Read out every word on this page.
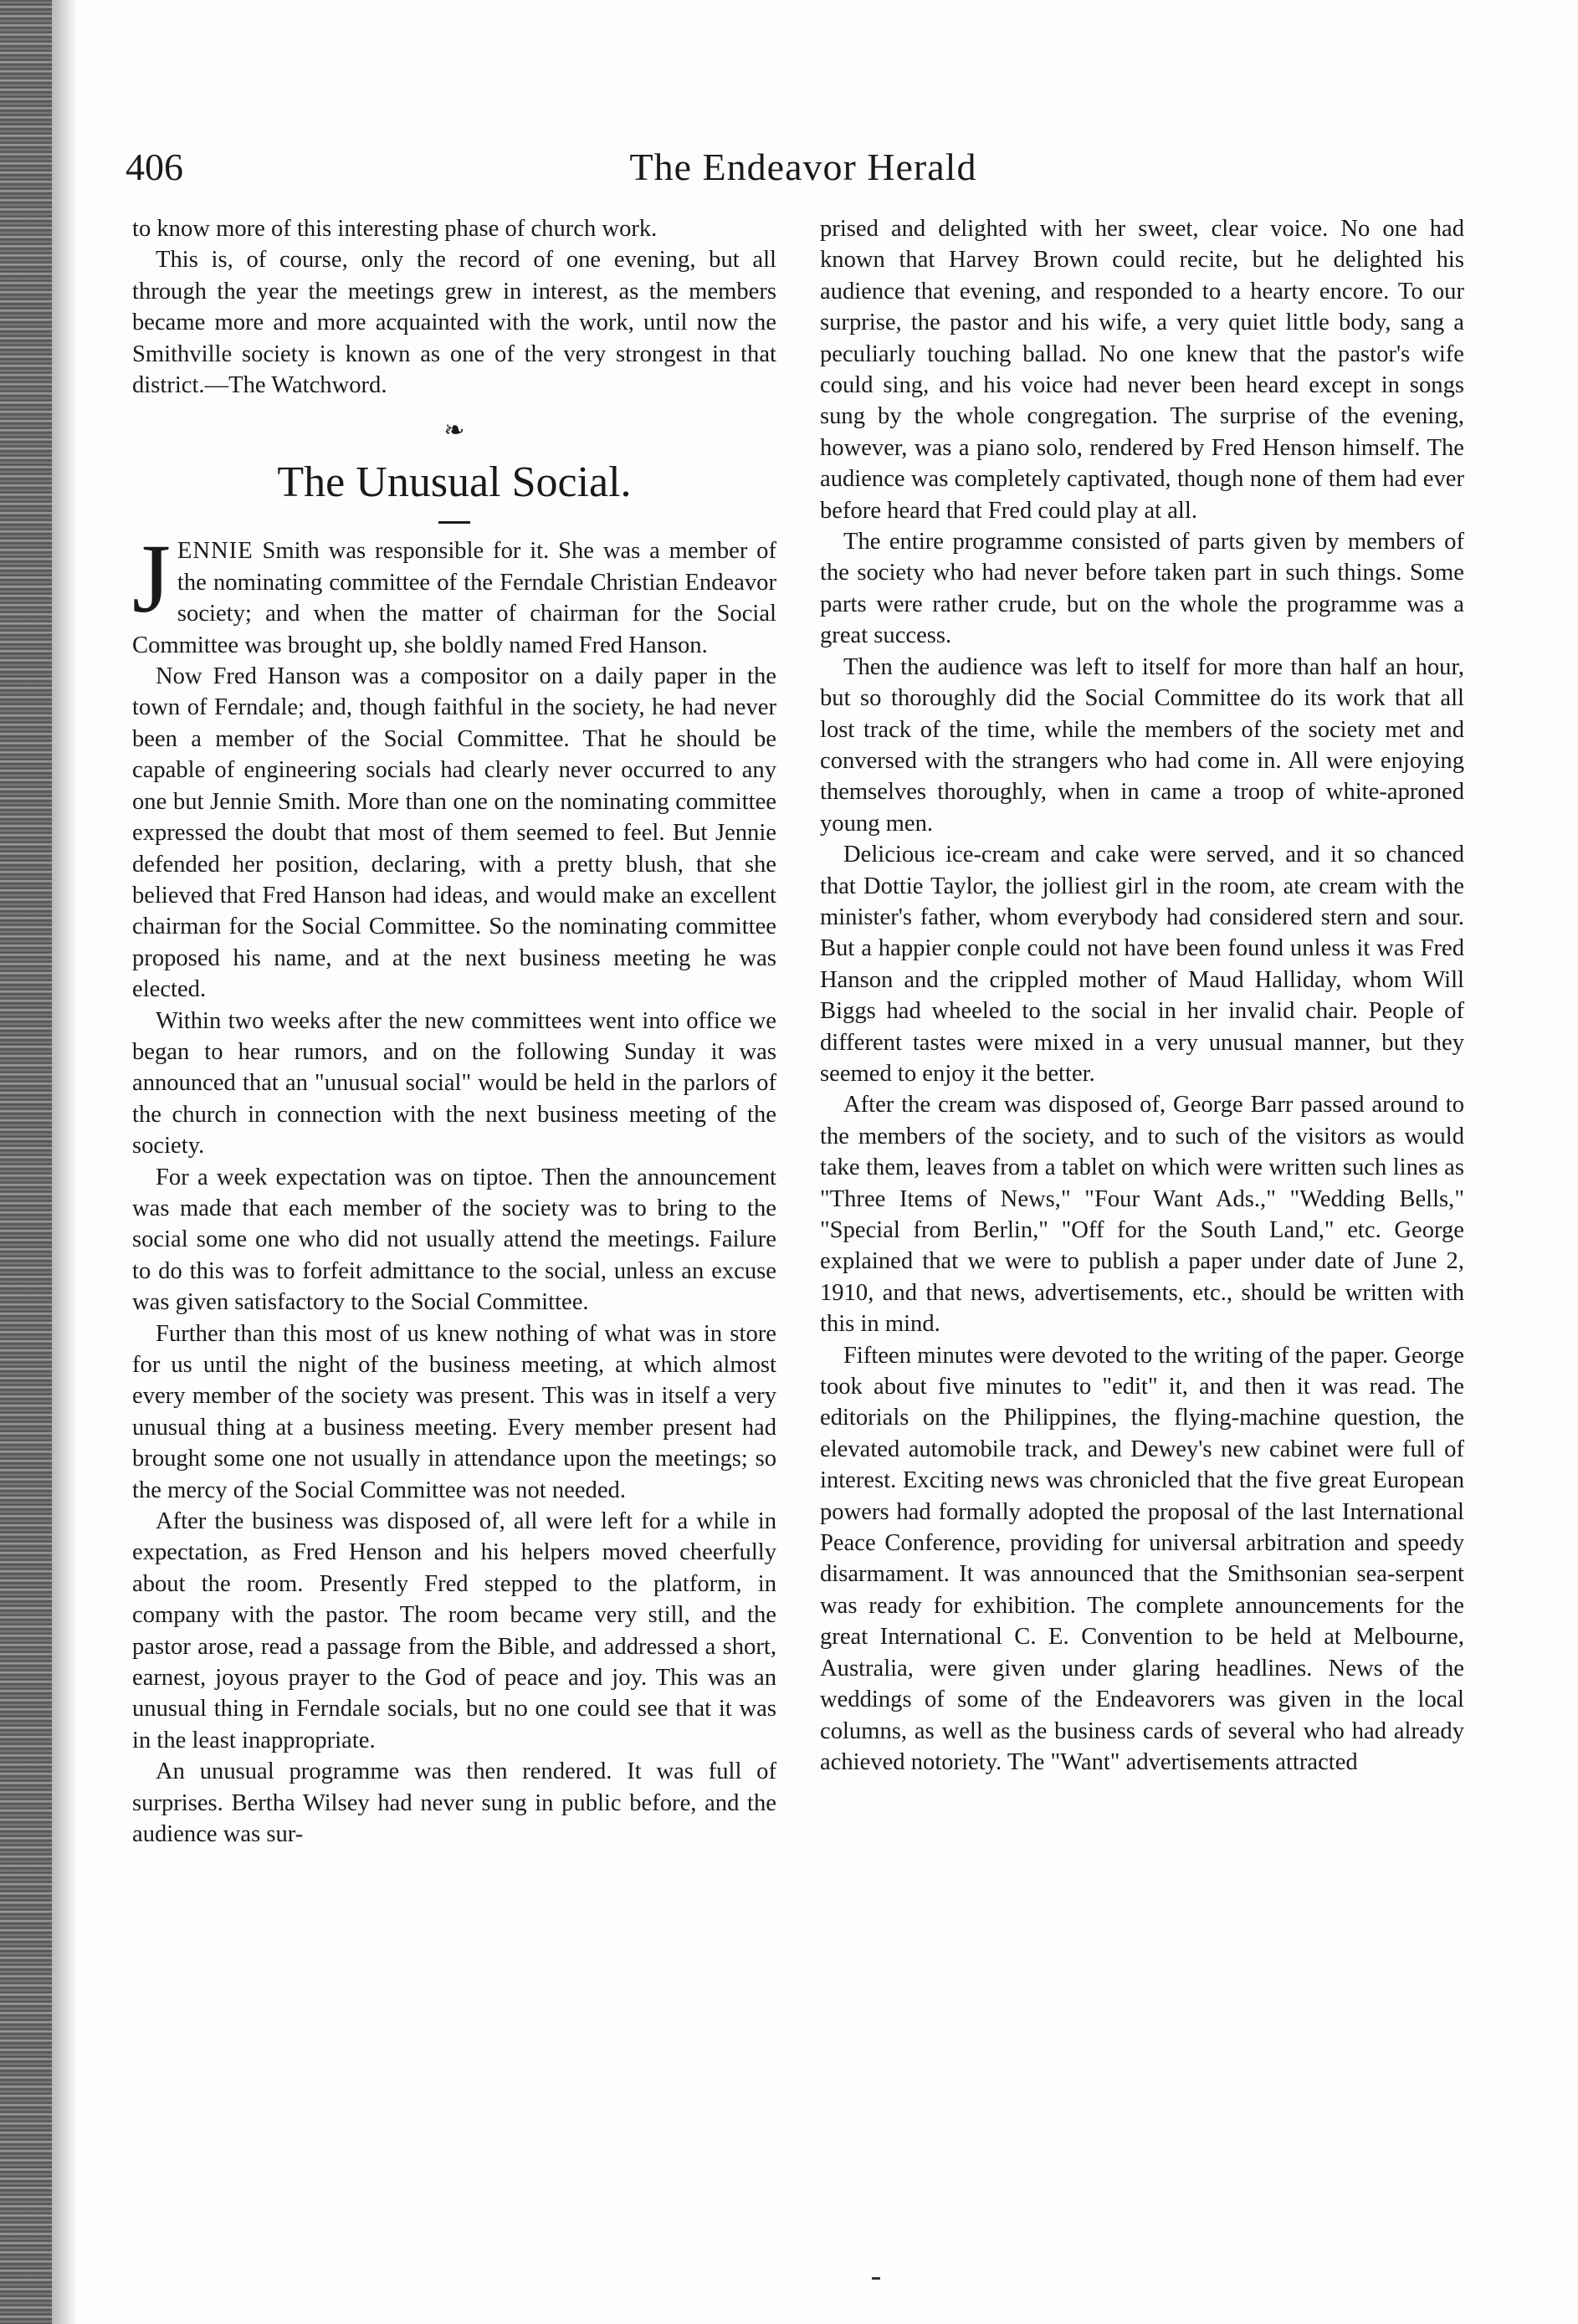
406	The Endeavor Herald

to know more of this interesting phase of church work.

This is, of course, only the record of one evening, but all through the year the meetings grew in interest, as the members became more and more acquainted with the work, until now the Smithville society is known as one of the very strongest in that district.—The Watchword.

❧
The Unusual Social.

JENNIE Smith was responsible for it. She was a member of the nominating committee of the Ferndale Christian Endeavor society; and when the matter of chairman for the Social Committee was brought up, she boldly named Fred Hanson.

Now Fred Hanson was a compositor on a daily paper in the town of Ferndale; and, though faithful in the society, he had never been a member of the Social Committee. That he should be capable of engineering socials had clearly never occurred to any one but Jennie Smith. More than one on the nominating committee expressed the doubt that most of them seemed to feel. But Jennie defended her position, declaring, with a pretty blush, that she believed that Fred Hanson had ideas, and would make an excellent chairman for the Social Committee. So the nominating committee proposed his name, and at the next business meeting he was elected.

Within two weeks after the new committees went into office we began to hear rumors, and on the following Sunday it was announced that an "unusual social" would be held in the parlors of the church in connection with the next business meeting of the society.

For a week expectation was on tiptoe. Then the announcement was made that each member of the society was to bring to the social some one who did not usually attend the meetings. Failure to do this was to forfeit admittance to the social, unless an excuse was given satisfactory to the Social Committee.

Further than this most of us knew nothing of what was in store for us until the night of the business meeting, at which almost every member of the society was present. This was in itself a very unusual thing at a business meeting. Every member present had brought some one not usually in attendance upon the meetings; so the mercy of the Social Committee was not needed.

After the business was disposed of, all were left for a while in expectation, as Fred Henson and his helpers moved cheerfully about the room. Presently Fred stepped to the platform, in company with the pastor. The room became very still, and the pastor arose, read a passage from the Bible, and addressed a short, earnest, joyous prayer to the God of peace and joy. This was an unusual thing in Ferndale socials, but no one could see that it was in the least inappropriate.

An unusual programme was then rendered. It was full of surprises. Bertha Wilsey had never sung in public before, and the audience was sur-

prised and delighted with her sweet, clear voice. No one had known that Harvey Brown could recite, but he delighted his audience that evening, and responded to a hearty encore. To our surprise, the pastor and his wife, a very quiet little body, sang a peculiarly touching ballad. No one knew that the pastor's wife could sing, and his voice had never been heard except in songs sung by the whole congregation. The surprise of the evening, however, was a piano solo, rendered by Fred Henson himself. The audience was completely captivated, though none of them had ever before heard that Fred could play at all.

The entire programme consisted of parts given by members of the society who had never before taken part in such things. Some parts were rather crude, but on the whole the programme was a great success.

Then the audience was left to itself for more than half an hour, but so thoroughly did the Social Committee do its work that all lost track of the time, while the members of the society met and conversed with the strangers who had come in. All were enjoying themselves thoroughly, when in came a troop of white-aproned young men.

Delicious ice-cream and cake were served, and it so chanced that Dottie Taylor, the jolliest girl in the room, ate cream with the minister's father, whom everybody had considered stern and sour. But a happier conple could not have been found unless it was Fred Hanson and the crippled mother of Maud Halliday, whom Will Biggs had wheeled to the social in her invalid chair. People of different tastes were mixed in a very unusual manner, but they seemed to enjoy it the better.

After the cream was disposed of, George Barr passed around to the members of the society, and to such of the visitors as would take them, leaves from a tablet on which were written such lines as "Three Items of News," "Four Want Ads.," "Wedding Bells," "Special from Berlin," "Off for the South Land," etc. George explained that we were to publish a paper under date of June 2, 1910, and that news, advertisements, etc., should be written with this in mind.

Fifteen minutes were devoted to the writing of the paper. George took about five minutes to "edit" it, and then it was read. The editorials on the Philippines, the flying-machine question, the elevated automobile track, and Dewey's new cabinet were full of interest. Exciting news was chronicled that the five great European powers had formally adopted the proposal of the last International Peace Conference, providing for universal arbitration and speedy disarmament. It was announced that the Smithsonian sea-serpent was ready for exhibition. The complete announcements for the great International C. E. Convention to be held at Melbourne, Australia, were given under glaring headlines. News of the weddings of some of the Endeavorers was given in the local columns, as well as the business cards of several who had already achieved notoriety. The "Want" advertisements attracted
